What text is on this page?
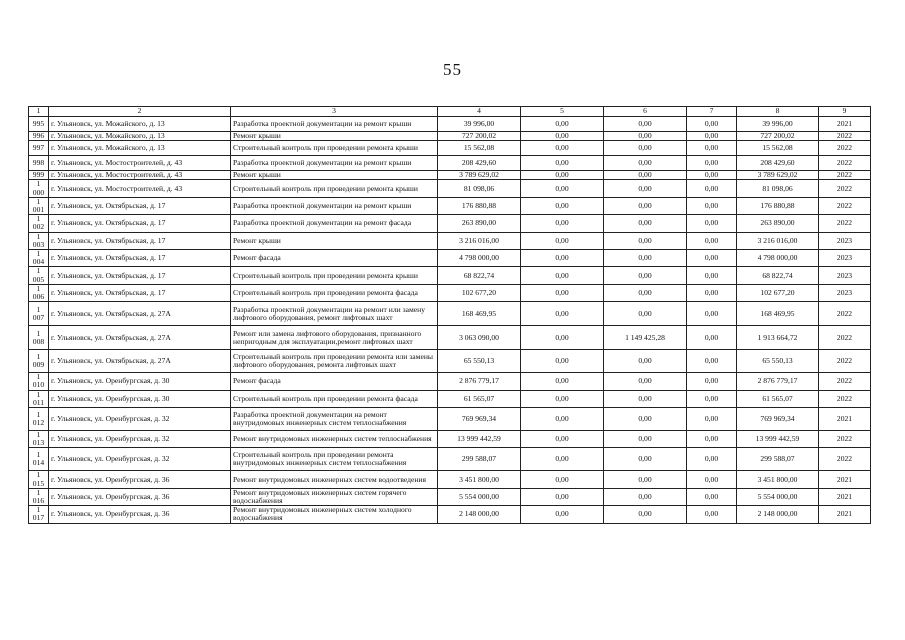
55
1	2	3	4	5	6	7	8	9
995	г. Ульяновск, ул. Можайского, д. 13	Разработка проектной документации на ремонт крыши	39 996,00	0,00	0,00	0,00	39 996,00	2021
996	г. Ульяновск, ул. Можайского, д. 13	Ремонт крыши	727 200,02	0,00	0,00	0,00	727 200,02	2022
997	г. Ульяновск, ул. Можайского, д. 13	Строительный контроль при проведении ремонта крыши	15 562,08	0,00	0,00	0,00	15 562,08	2022
998	г. Ульяновск, ул. Мостостроителей, д. 43	Разработка проектной документации на ремонт крыши	208 429,60	0,00	0,00	0,00	208 429,60	2022
999	г. Ульяновск, ул. Мостостроителей, д. 43	Ремонт крыши	3 789 629,02	0,00	0,00	0,00	3 789 629,02	2022
1 000	г. Ульяновск, ул. Мостостроителей, д. 43	Строительный контроль при проведении ремонта крыши	81 098,06	0,00	0,00	0,00	81 098,06	2022
1 001	г. Ульяновск, ул. Октябрьская, д. 17	Разработка проектной документации на ремонт крыши	176 880,88	0,00	0,00	0,00	176 880,88	2022
1 002	г. Ульяновск, ул. Октябрьская, д. 17	Разработка проектной документации на ремонт фасада	263 890,00	0,00	0,00	0,00	263 890,00	2022
1 003	г. Ульяновск, ул. Октябрьская, д. 17	Ремонт крыши	3 216 016,00	0,00	0,00	0,00	3 216 016,00	2023
1 004	г. Ульяновск, ул. Октябрьская, д. 17	Ремонт фасада	4 798 000,00	0,00	0,00	0,00	4 798 000,00	2023
1 005	г. Ульяновск, ул. Октябрьская, д. 17	Строительный контроль при проведении ремонта крыши	68 822,74	0,00	0,00	0,00	68 822,74	2023
1 006	г. Ульяновск, ул. Октябрьская, д. 17	Строительный контроль при проведении ремонта фасада	102 677,20	0,00	0,00	0,00	102 677,20	2023
1 007	г. Ульяновск, ул. Октябрьская, д. 27А	Разработка проектной документации на ремонт или замену лифтового оборудования, ремонт лифтовых шахт	168 469,95	0,00	0,00	0,00	168 469,95	2022
1 008	г. Ульяновск, ул. Октябрьская, д. 27А	Ремонт или замена лифтового оборудования, признанного непригодным для эксплуатации,ремонт лифтовых шахт	3 063 090,00	0,00	1 149 425,28	0,00	1 913 664,72	2022
1 009	г. Ульяновск, ул. Октябрьская, д. 27А	Строительный контроль при проведении ремонта или замены лифтового оборудования, ремонта лифтовых шахт	65 550,13	0,00	0,00	0,00	65 550,13	2022
1 010	г. Ульяновск, ул. Оренбургская, д. 30	Ремонт фасада	2 876 779,17	0,00	0,00	0,00	2 876 779,17	2022
1 011	г. Ульяновск, ул. Оренбургская, д. 30	Строительный контроль при проведении ремонта фасада	61 565,07	0,00	0,00	0,00	61 565,07	2022
1 012	г. Ульяновск, ул. Оренбургская, д. 32	Разработка проектной документации на ремонт внутридомовых инженерных систем теплоснабжения	769 969,34	0,00	0,00	0,00	769 969,34	2021
1 013	г. Ульяновск, ул. Оренбургская, д. 32	Ремонт внутридомовых инженерных систем теплоснабжения	13 999 442,59	0,00	0,00	0,00	13 999 442,59	2022
1 014	г. Ульяновск, ул. Оренбургская, д. 32	Строительный контроль при проведении ремонта внутридомовых инженерных систем теплоснабжения	299 588,07	0,00	0,00	0,00	299 588,07	2022
1 015	г. Ульяновск, ул. Оренбургская, д. 36	Ремонт внутридомовых инженерных систем водоотведения	3 451 800,00	0,00	0,00	0,00	3 451 800,00	2021
1 016	г. Ульяновск, ул. Оренбургская, д. 36	Ремонт внутридомовых инженерных систем горячего водоснабжения	5 554 000,00	0,00	0,00	0,00	5 554 000,00	2021
1 017	г. Ульяновск, ул. Оренбургская, д. 36	Ремонт внутридомовых инженерных систем холодного водоснабжения	2 148 000,00	0,00	0,00	0,00	2 148 000,00	2021
